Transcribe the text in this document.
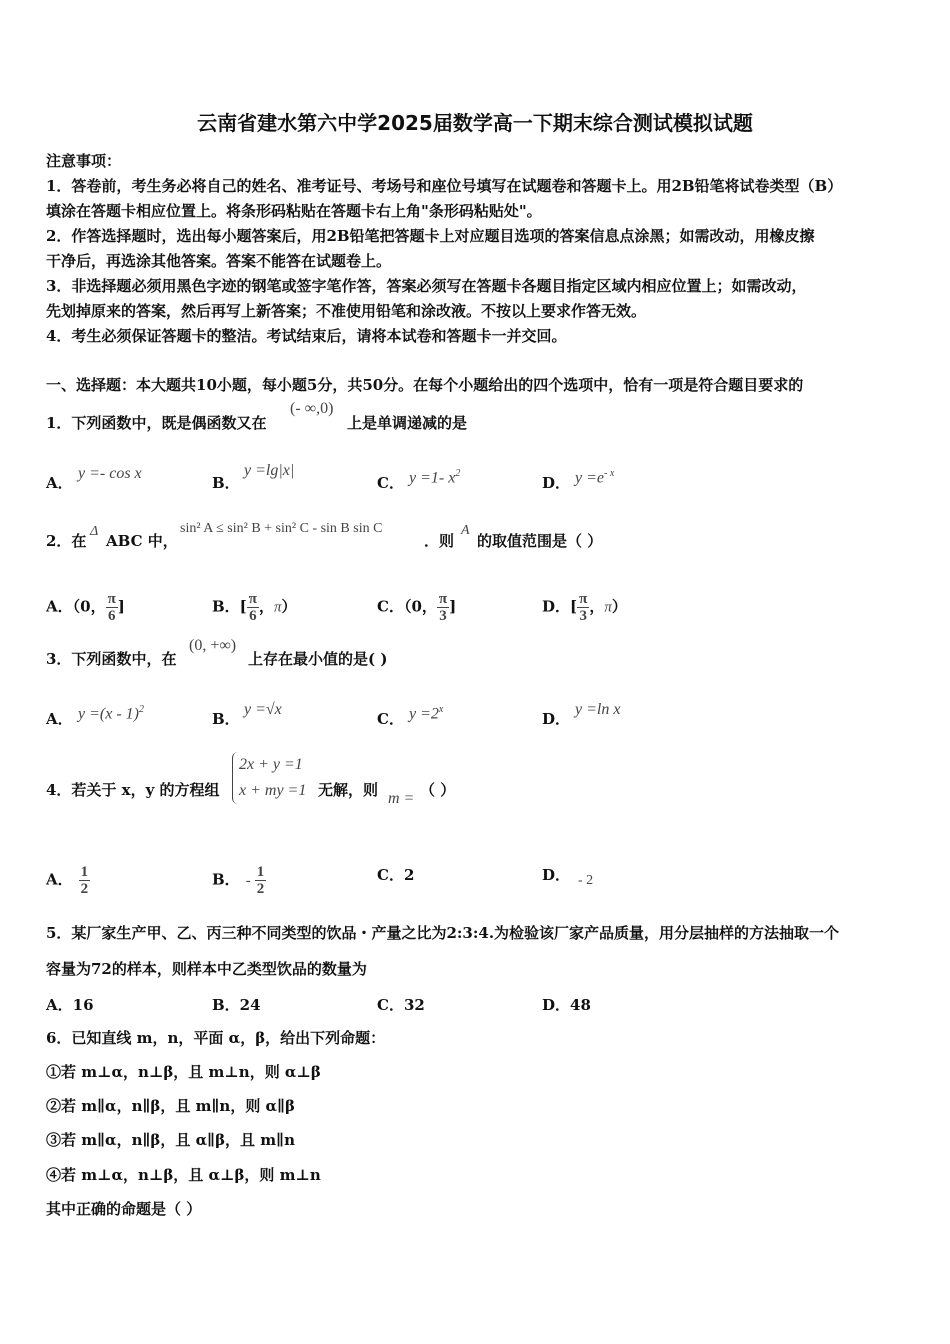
云南省建水第六中学2025届数学高一下期末综合测试模拟试题
注意事项：
1．答卷前，考生务必将自己的姓名、准考证号、考场号和座位号填写在试题卷和答题卡上。用2B铅笔将试卷类型（B）
填涂在答题卡相应位置上。将条形码粘贴在答题卡右上角"条形码粘贴处"。
2．作答选择题时，选出每小题答案后，用2B铅笔把答题卡上对应题目选项的答案信息点涂黑；如需改动，用橡皮擦
干净后，再选涂其他答案。答案不能答在试题卷上。
3．非选择题必须用黑色字迹的钢笔或签字笔作答，答案必须写在答题卡各题目指定区域内相应位置上；如需改动，
先划掉原来的答案，然后再写上新答案；不准使用铅笔和涂改液。不按以上要求作答无效。
4．考生必须保证答题卡的整洁。考试结束后，请将本试卷和答题卡一并交回。
一、选择题：本大题共10小题，每小题5分，共50分。在每个小题给出的四个选项中，恰有一项是符合题目要求的
1．下列函数中，既是偶函数又在
(- ∞,0)
上是单调递减的是
A．
y =- cos x
B．
y =lg|x|
C． y =1- $x^2$
D． $y =e^{- x}$
2．在
Δ
ABC 中，
sin² A ≤ sin² B + sin² C - sin B sin C
．则
A
的取值范围是（ ）
A．（0， $\frac{\pi}{6}$ ]	B．[ $\frac{\pi}{6}$ ，π）	C．（0， $\frac{\pi}{3}$ ]	D．[ $\frac{\pi}{3}$ ，π）
3．下列函数中，在
(0, +∞)
上存在最小值的是( )
A． y =(x - 1)$^2$
B．
y =√x
C． $y =2^x$
D．
y =ln x
4．若关于 x，y 的方程组
2x + y =1
x + my =1 无解，则 m = （ ）
A． $\frac{1}{2}$	B． - $\frac{1}{2}$	C．2	D． - 2
5．某厂家生产甲、乙、丙三种不同类型的饮品・产量之比为2:3:4.为检验该厂家产品质量，用分层抽样的方法抽取一个
容量为72的样本，则样本中乙类型饮品的数量为
A．16	B．24	C．32	D．48
6．已知直线 m，n，平面 α，β，给出下列命题：
①若 m⊥α，n⊥β，且 m⊥n，则 α⊥β
②若 m∥α，n∥β，且 m∥n，则 α∥β
③若 m∥α，n∥β，且 α∥β，且 m∥n
④若 m⊥α，n⊥β，且 α⊥β，则 m⊥n
其中正确的命题是（ ）
